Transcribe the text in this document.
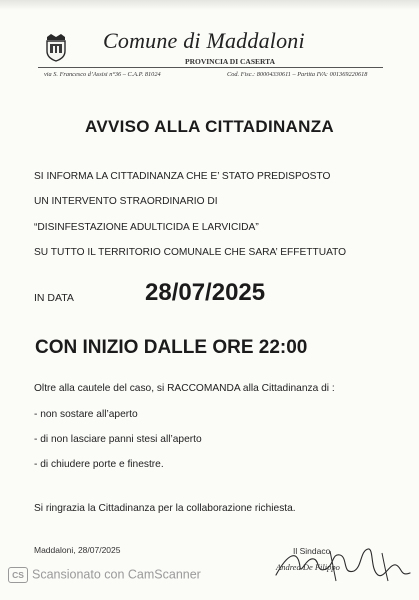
Comune di Maddaloni
PROVINCIA DI CASERTA
via S. Francesco d’Assisi n°36 – C.A.P. 81024	Cod. Fisc.: 80004330611 – Partita IVA: 001369220618
AVVISO ALLA CITTADINANZA
SI INFORMA LA CITTADINANZA CHE E’ STATO PREDISPOSTO
UN INTERVENTO STRAORDINARIO DI
“DISINFESTAZIONE ADULTICIDA E LARVICIDA”
SU TUTTO IL TERRITORIO COMUNALE CHE SARA’ EFFETTUATO
IN DATA	28/07/2025
CON INIZIO DALLE ORE 22:00
Oltre alla cautele del caso, si RACCOMANDA alla Cittadinanza di :
- non sostare all’aperto
- di non lasciare panni stesi all’aperto
- di chiudere porte e finestre.
Si ringrazia la Cittadinanza per la collaborazione richiesta.
Maddaloni, 28/07/2025	Il Sindaco
Andrea De Filippo
CS Scansionato con CamScanner
